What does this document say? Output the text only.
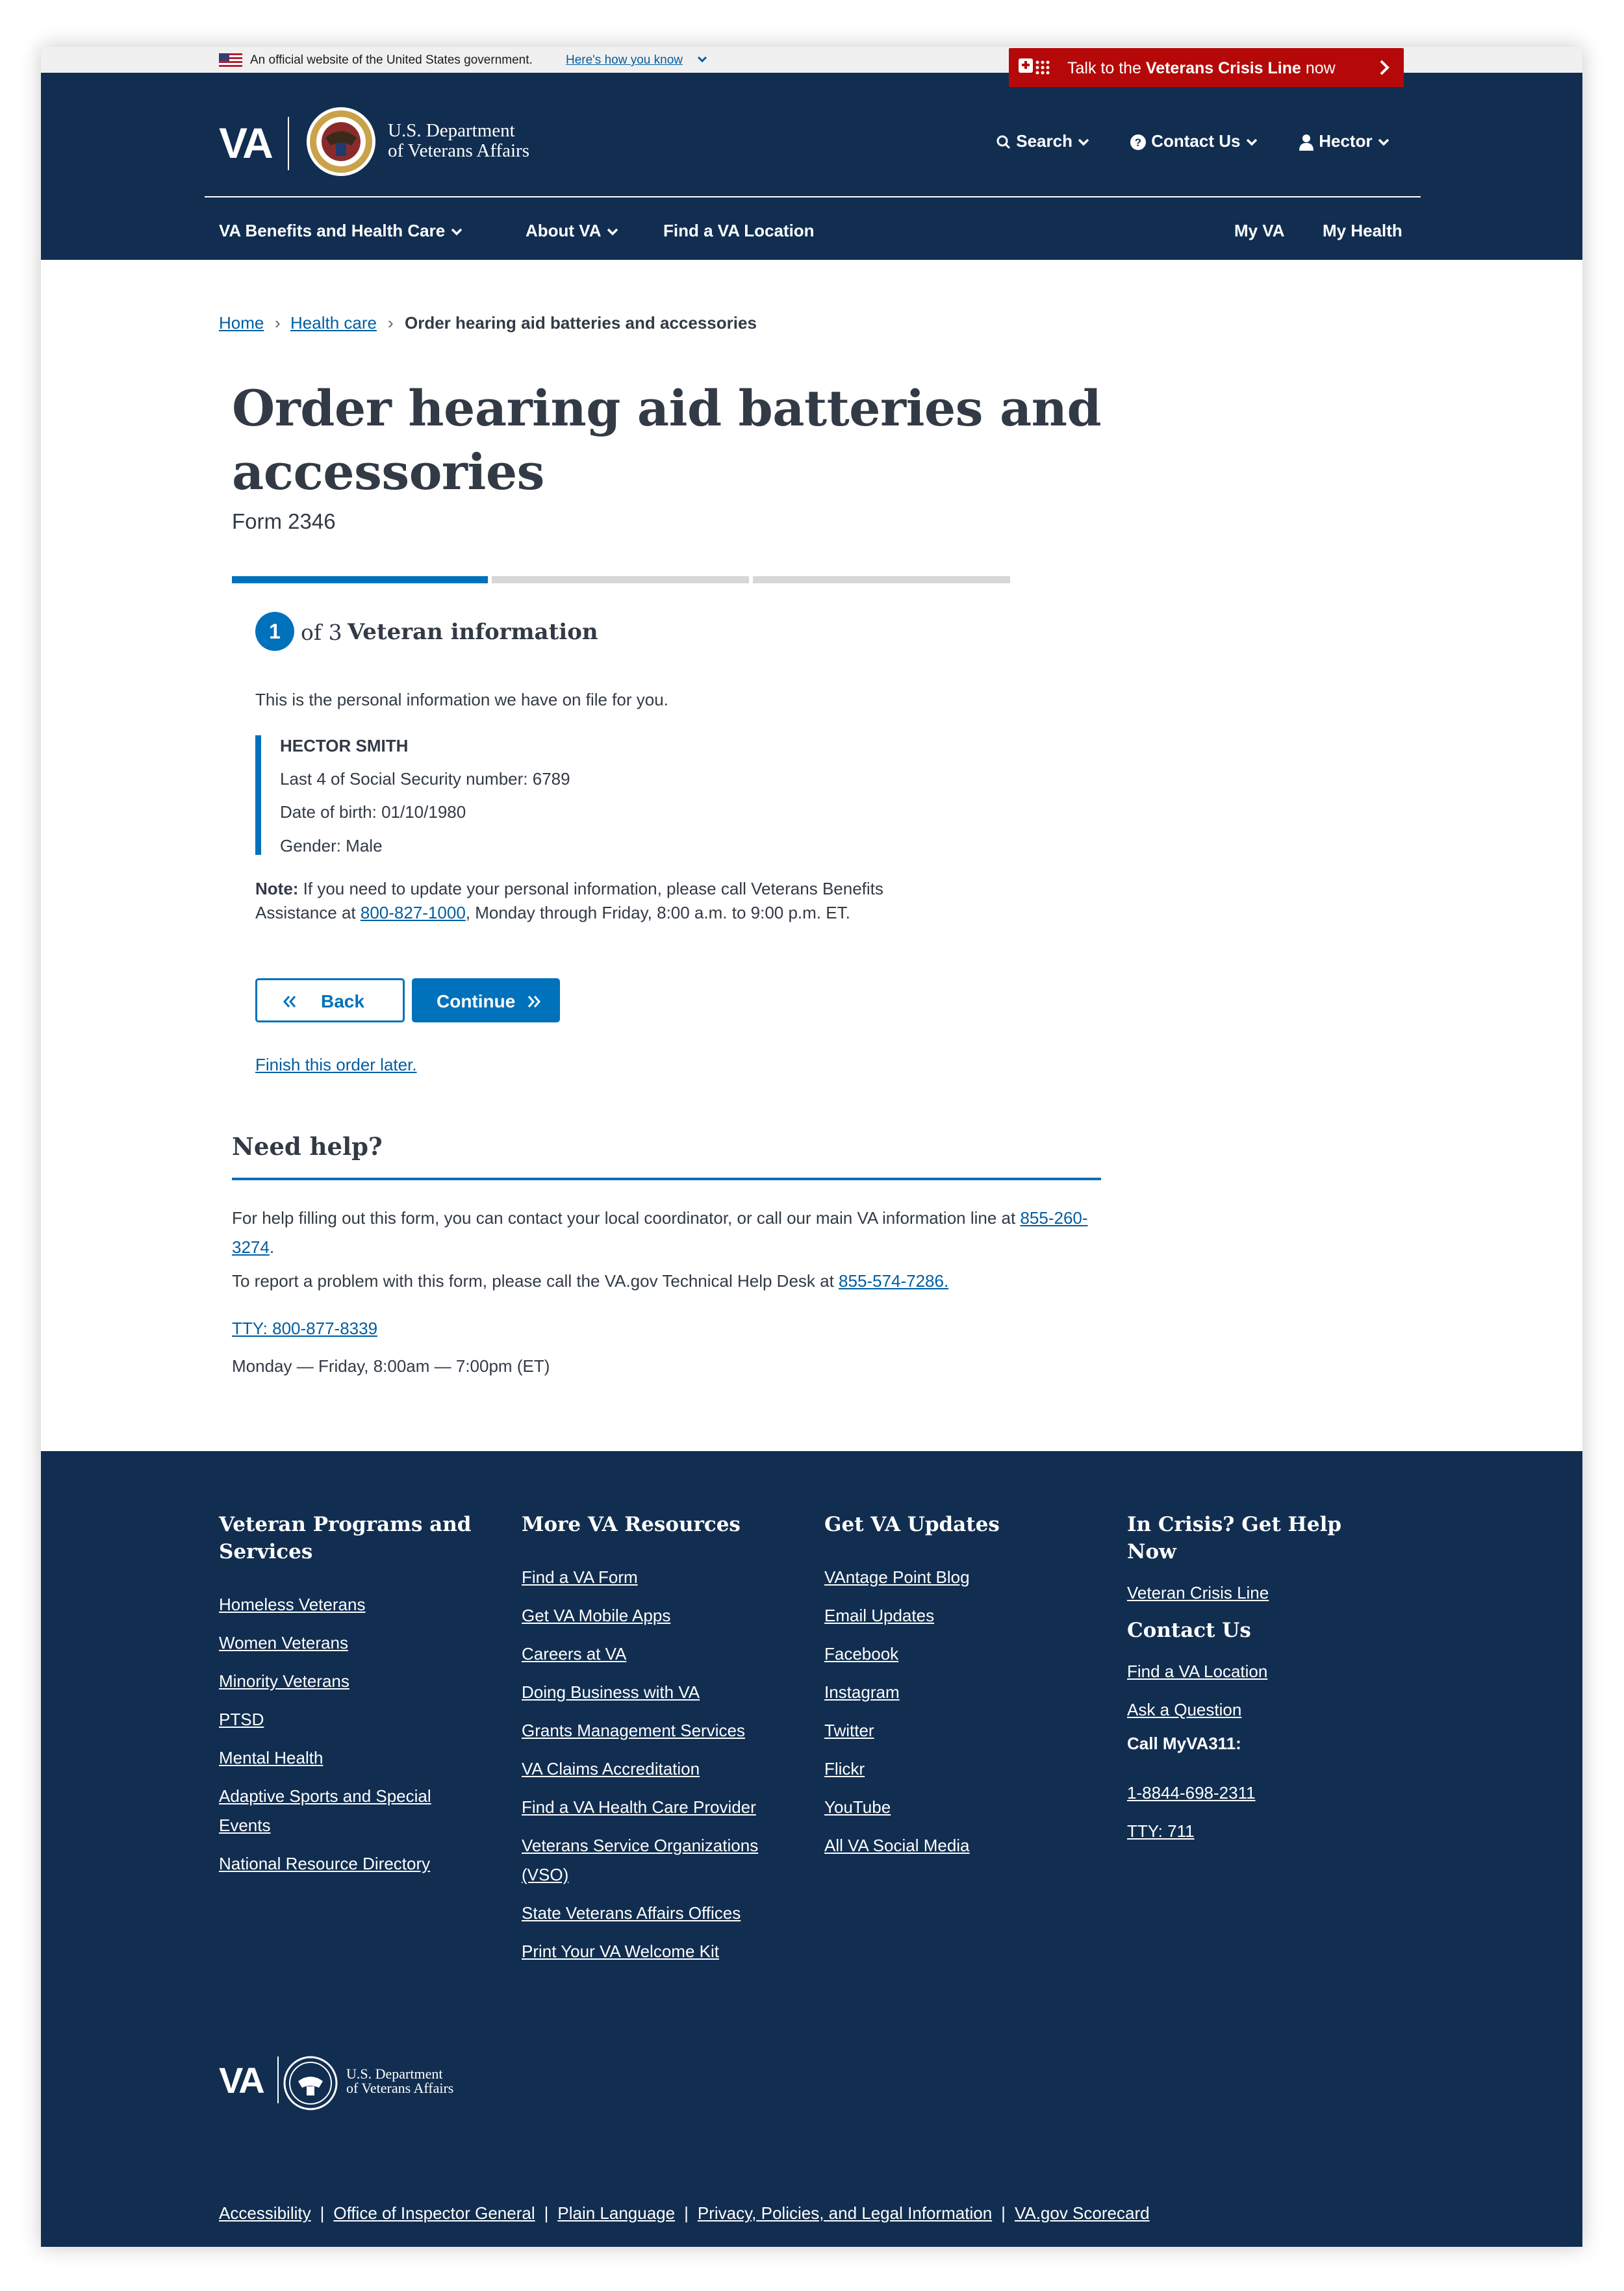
An official website of the United States government.	Here's how you know	Talk to the Veterans Crisis Line now
VA	U.S. Department
of Veterans Affairs	Search	? Contact Us	Hector
VA Benefits and Health Care	About VA	Find a VA Location	My VA My Health
Home › Health care › Order hearing aid batteries and accessories
Order hearing aid batteries and accessories
Form 2346
1 of 3 Veteran information
This is the personal information we have on file for you.
HECTOR SMITH
Last 4 of Social Security number: 6789
Date of birth: 01/10/1980
Gender: Male

Note: If you need to update your personal information, please call Veterans Benefits Assistance at 800-827-1000, Monday through Friday, 8:00 a.m. to 9:00 p.m. ET.

Back	Continue
Finish this order later.
Need help?

For help filling out this form, you can contact your local coordinator, or call our main VA information line at 855-260-3274.

To report a problem with this form, please call the VA.gov Technical Help Desk at 855-574-7286.

TTY: 800-877-8339
Monday — Friday, 8:00am — 7:00pm (ET)
Veteran Programs and Services
Homeless Veterans
Women Veterans
Minority Veterans
PTSD
Mental Health
Adaptive Sports and Special Events
National Resource Directory
More VA Resources
Find a VA Form
Get VA Mobile Apps
Careers at VA
Doing Business with VA
Grants Management Services
VA Claims Accreditation
Find a VA Health Care Provider
Veterans Service Organizations (VSO)
State Veterans Affairs Offices
Print Your VA Welcome Kit
Get VA Updates
VAntage Point Blog
Email Updates
Facebook
Instagram
Twitter
Flickr
YouTube
All VA Social Media
In Crisis? Get Help Now
Veteran Crisis Line
Contact Us
Find a VA Location
Ask a Question
Call MyVA311:
1-8844-698-2311
TTY: 711
VA	U.S. Department
of Veterans Affairs
Accessibility | Office of Inspector General | Plain Language | Privacy, Policies, and Legal Information | VA.gov Scorecard
